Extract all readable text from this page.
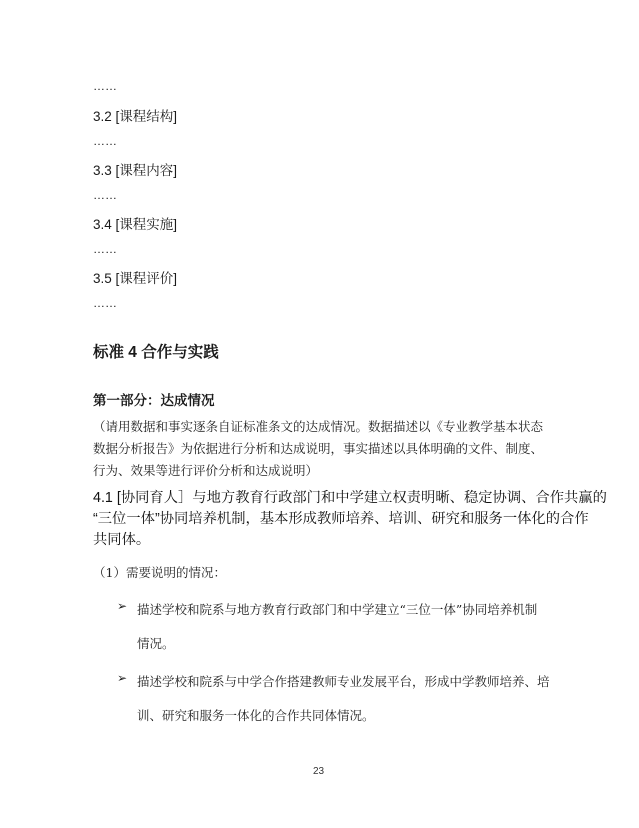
……
3.2 [课程结构]
……
3.3 [课程内容]
……
3.4 [课程实施]
……
3.5 [课程评价]
……
标准 4 合作与实践
第一部分：达成情况
（请用数据和事实逐条自证标准条文的达成情况。数据描述以《专业教学基本状态
数据分析报告》为依据进行分析和达成说明，事实描述以具体明确的文件、制度、
行为、效果等进行评价分析和达成说明）
4.1 [协同育人］与地方教育行政部门和中学建立权责明晰、稳定协调、合作共赢的
“三位一体”协同培养机制，基本形成教师培养、培训、研究和服务一体化的合作
共同体。
（1）需要说明的情况：
➢ 描述学校和院系与地方教育行政部门和中学建立“三位一体”协同培养机制
情况。
➢ 描述学校和院系与中学合作搭建教师专业发展平台，形成中学教师培养、培
训、研究和服务一体化的合作共同体情况。
23
